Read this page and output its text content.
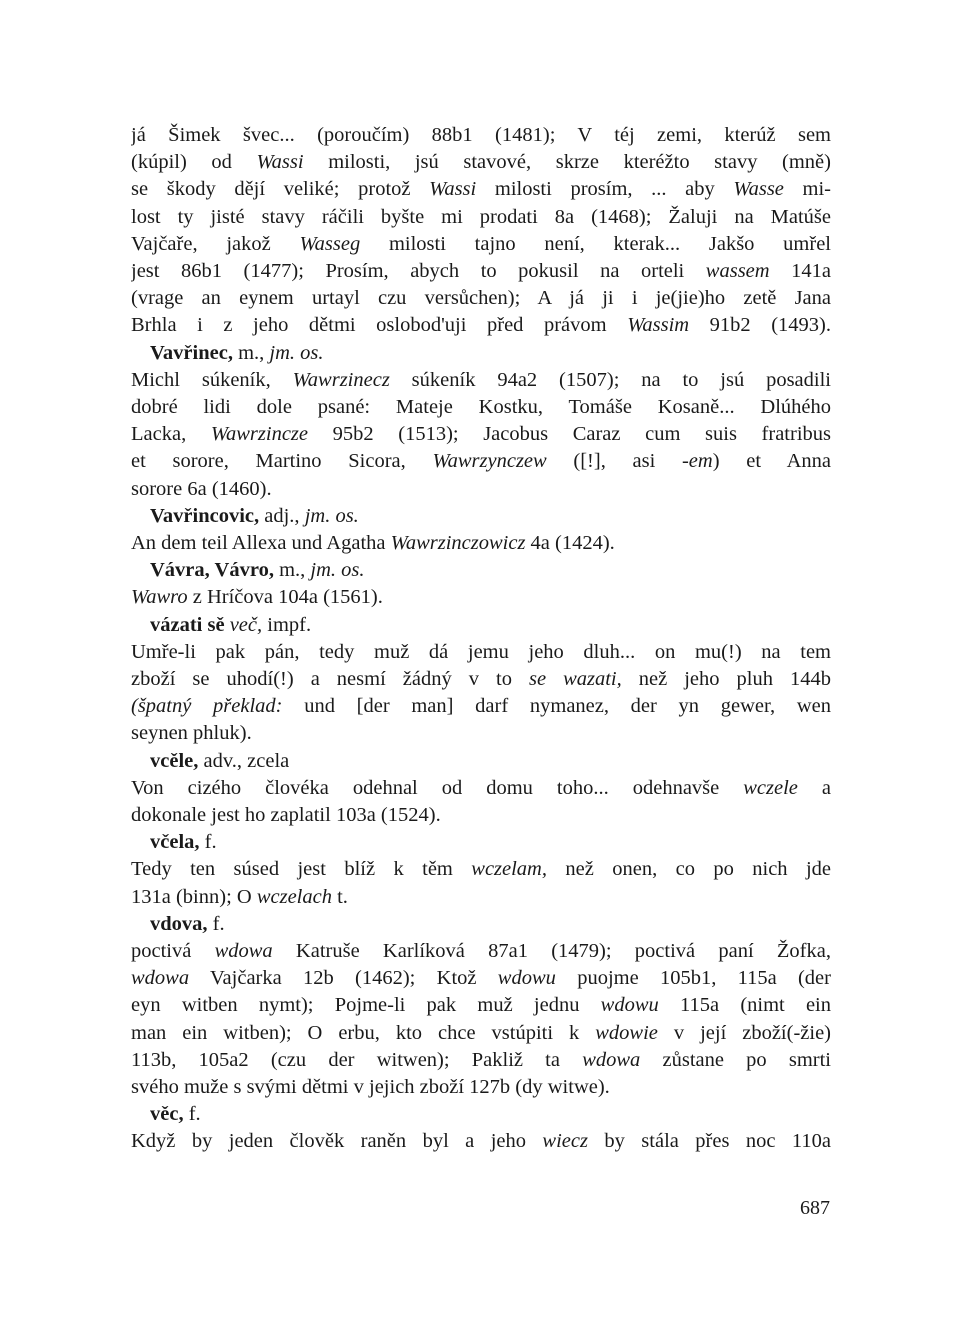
já Šimek švec... (poroučím) 88b1 (1481); V téj zemi, kterúž sem
(kúpil) od Wassi milosti, jsú stavové, skrze kteréžto stavy (mně)
se škody dějí veliké; protož Wassi milosti prosím, ... aby Wasse mi-
lost ty jisté stavy ráčili byšte mi prodati 8a (1468); Žaluji na Matúše
Vajčaře, jakož Wasseg milosti tajno není, kterak... Jakšo umřel
jest 86b1 (1477); Prosím, abych to pokusil na orteli wassem 141a
(vrage an eynem urtayl czu versůchen); A já ji i je(jie)ho zetě Jana
Brhla i z jeho dětmi oslobod'uji před právom Wassim 91b2 (1493).
Vavřinec, m., jm. os.
Michl súkeník, Wawrzinecz súkeník 94a2 (1507); na to jsú posadili
dobré lidi dole psané: Mateje Kostku, Tomáše Kosaně... Dlúhého
Lacka, Wawrzincze 95b2 (1513); Jacobus Caraz cum suis fratribus
et sorore, Martino Sicora, Wawrzynczew ([!], asi -em) et Anna
sorore 6a (1460).
Vavřincovic, adj., jm. os.
An dem teil Allexa und Agatha Wawrzinczowicz 4a (1424).
Vávra, Vávro, m., jm. os.
Wawro z Hríčova 104a (1561).
vázati sě več, impf.
Umře-li pak pán, tedy muž dá jemu jeho dluh... on mu(!) na tem
zboží se uhodí(!) a nesmí žádný v to se wazati, než jeho pluh 144b
(špatný překlad: und [der man] darf nymanez, der yn gewer, wen
seynen phluk).
vcěle, adv., zcela
Von cizého človéka odehnal od domu toho... odehnavše wczele a
dokonale jest ho zaplatil 103a (1524).
včela, f.
Tedy ten súsed jest blíž k těm wczelam, než onen, co po nich jde
131a (binn); O wczelach t.
vdova, f.
poctivá wdowa Katruše Karlíková 87a1 (1479); poctivá paní Žofka,
wdowa Vajčarka 12b (1462); Ktož wdowu puojme 105b1, 115a (der
eyn witben nymt); Pojme-li pak muž jednu wdowu 115a (nimt ein
man ein witben); O erbu, kto chce vstúpiti k wdowie v její zboží(-žie)
113b, 105a2 (czu der witwen); Pakliž ta wdowa zůstane po smrti
svého muže s svými dětmi v jejich zboží 127b (dy witwe).
věc, f.
Když by jeden člověk raněn byl a jeho wiecz by stála přes noc 110a
687
